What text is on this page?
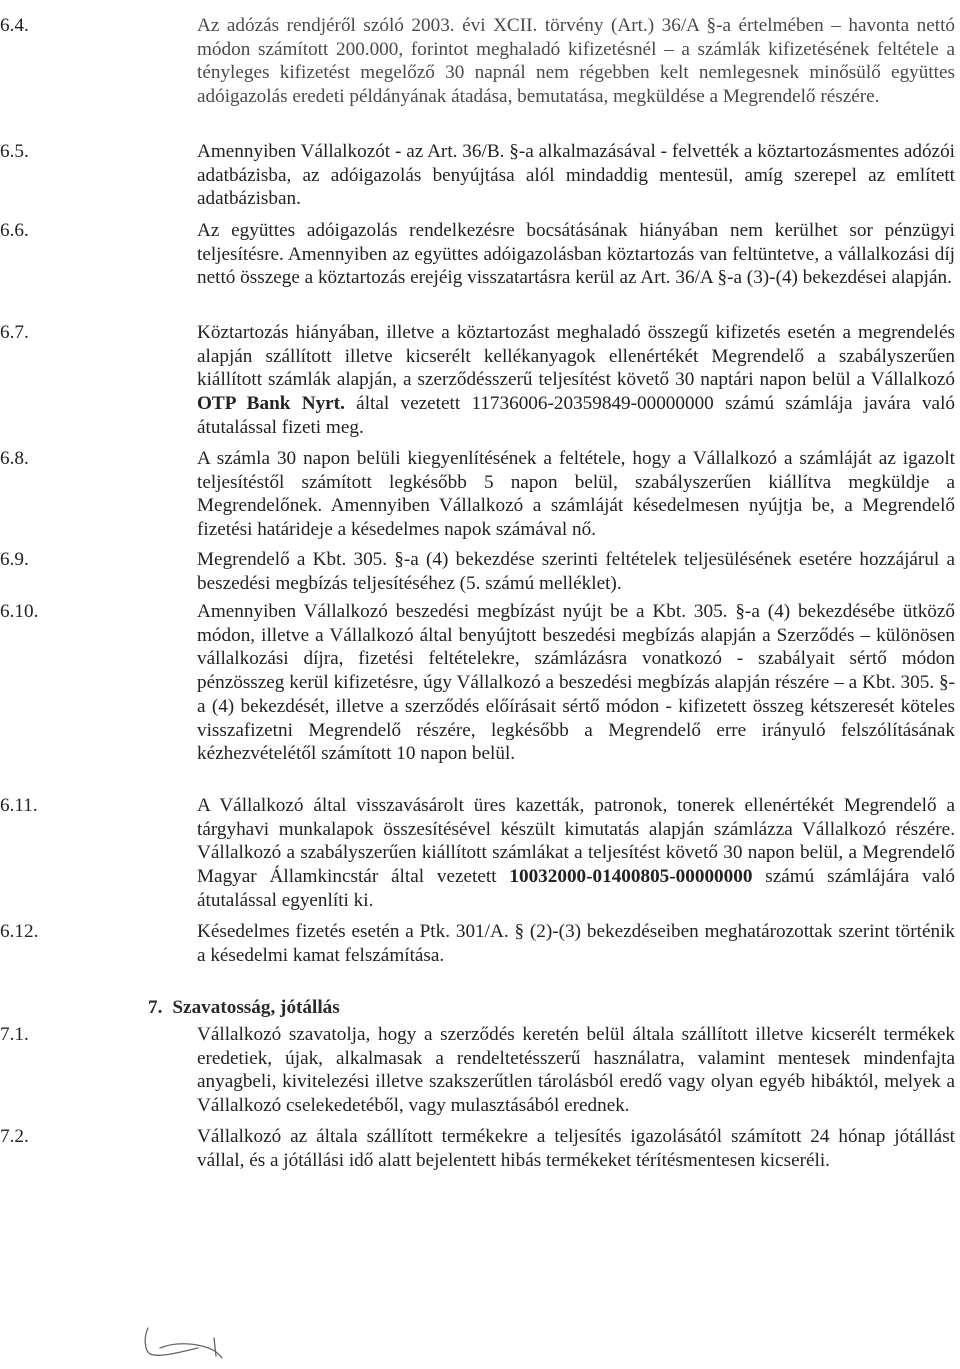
6.4.	Az adózás rendjéről szóló 2003. évi XCII. törvény (Art.) 36/A §-a értelmében – havonta nettó módon számított 200.000, forintot meghaladó kifizetésnél – a számlák kifizetésének feltétele a tényleges kifizetést megelőző 30 napnál nem régebben kelt nemlegesnek minősülő együttes adóigazolás eredeti példányának átadása, bemutatása, megküldése a Megrendelő részére.
6.5.	Amennyiben Vállalkozót - az Art. 36/B. §-a alkalmazásával - felvették a köztartozásmentes adózói adatbázisba, az adóigazolás benyújtása alól mindaddig mentesül, amíg szerepel az említett adatbázisban.
6.6.	Az együttes adóigazolás rendelkezésre bocsátásának hiányában nem kerülhet sor pénzügyi teljesítésre. Amennyiben az együttes adóigazolásban köztartozás van feltüntetve, a vállalkozási díj nettó összege a köztartozás erejéig visszatartásra kerül az Art. 36/A §-a (3)-(4) bekezdései alapján.
6.7.	Köztartozás hiányában, illetve a köztartozást meghaladó összegű kifizetés esetén a megrendelés alapján szállított illetve kicserélt kellékanyagok ellenértékét Megrendelő a szabályszerűen kiállított számlák alapján, a szerződésszerű teljesítést követő 30 naptári napon belül a Vállalkozó OTP Bank Nyrt. által vezetett 11736006-20359849-00000000 számú számlája javára való átutalással fizeti meg.
6.8.	A számla 30 napon belüli kiegyenlítésének a feltétele, hogy a Vállalkozó a számláját az igazolt teljesítéstől számított legkésőbb 5 napon belül, szabályszerűen kiállítva megküldje a Megrendelőnek. Amennyiben Vállalkozó a számláját késedelmesen nyújtja be, a Megrendelő fizetési határideje a késedelmes napok számával nő.
6.9.	Megrendelő a Kbt. 305. §-a (4) bekezdése szerinti feltételek teljesülésének esetére hozzájárul a beszedési megbízás teljesítéséhez (5. számú melléklet).
6.10.	Amennyiben Vállalkozó beszedési megbízást nyújt be a Kbt. 305. §-a (4) bekezdésébe ütköző módon, illetve a Vállalkozó által benyújtott beszedési megbízás alapján a Szerződés – különösen vállalkozási díjra, fizetési feltételekre, számlázásra vonatkozó - szabályait sértő módon pénzösszeg kerül kifizetésre, úgy Vállalkozó a beszedési megbízás alapján részére – a Kbt. 305. §-a (4) bekezdését, illetve a szerződés előírásait sértő módon - kifizetett összeg kétszeresét köteles visszafizetni Megrendelő részére, legkésőbb a Megrendelő erre irányuló felszólításának kézhezvételétől számított 10 napon belül.
6.11.	A Vállalkozó által visszavásárolt üres kazetták, patronok, tonerek ellenértékét Megrendelő a tárgyhavi munkalapok összesítésével készült kimutatás alapján számlázza Vállalkozó részére. Vállalkozó a szabályszerűen kiállított számlákat a teljesítést követő 30 napon belül, a Megrendelő Magyar Államkincstár által vezetett 10032000-01400805-00000000 számú számlájára való átutalással egyenlíti ki.
6.12.	Késedelmes fizetés esetén a Ptk. 301/A. § (2)-(3) bekezdéseiben meghatározottak szerint történik a késedelmi kamat felszámítása.
7. Szavatosság, jótállás
7.1.	Vállalkozó szavatolja, hogy a szerződés keretén belül általa szállított illetve kicserélt termékek eredetiek, újak, alkalmasak a rendeltetésszerű használatra, valamint mentesek mindenfajta anyagbeli, kivitelezési illetve szakszerűtlen tárolásból eredő vagy olyan egyéb hibáktól, melyek a Vállalkozó cselekedetéből, vagy mulasztásából erednek.
7.2.	Vállalkozó az általa szállított termékekre a teljesítés igazolásától számított 24 hónap jótállást vállal, és a jótállási idő alatt bejelentett hibás termékeket térítésmentesen kicseréli.
